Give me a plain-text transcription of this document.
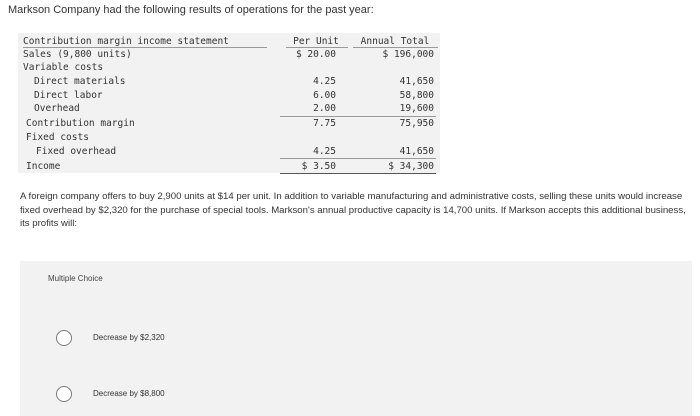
Markson Company had the following results of operations for the past year:
Contribution margin income statement	Per Unit	Annual Total
Sales (9,800 units)	$ 20.00	$ 196,000
Variable costs
Direct materials	4.25	41,650
Direct labor	6.00	58,800
Overhead	2.00	19,600
Contribution margin	7.75	75,950
Fixed costs
Fixed overhead	4.25	41,650
Income	$ 3.50	$ 34,300
A foreign company offers to buy 2,900 units at $14 per unit. In addition to variable manufacturing and administrative costs, selling these units would increase fixed overhead by $2,320 for the purchase of special tools. Markson's annual productive capacity is 14,700 units. If Markson accepts this additional business, its profits will:
Multiple Choice
Decrease by $2,320
Decrease by $8,800
